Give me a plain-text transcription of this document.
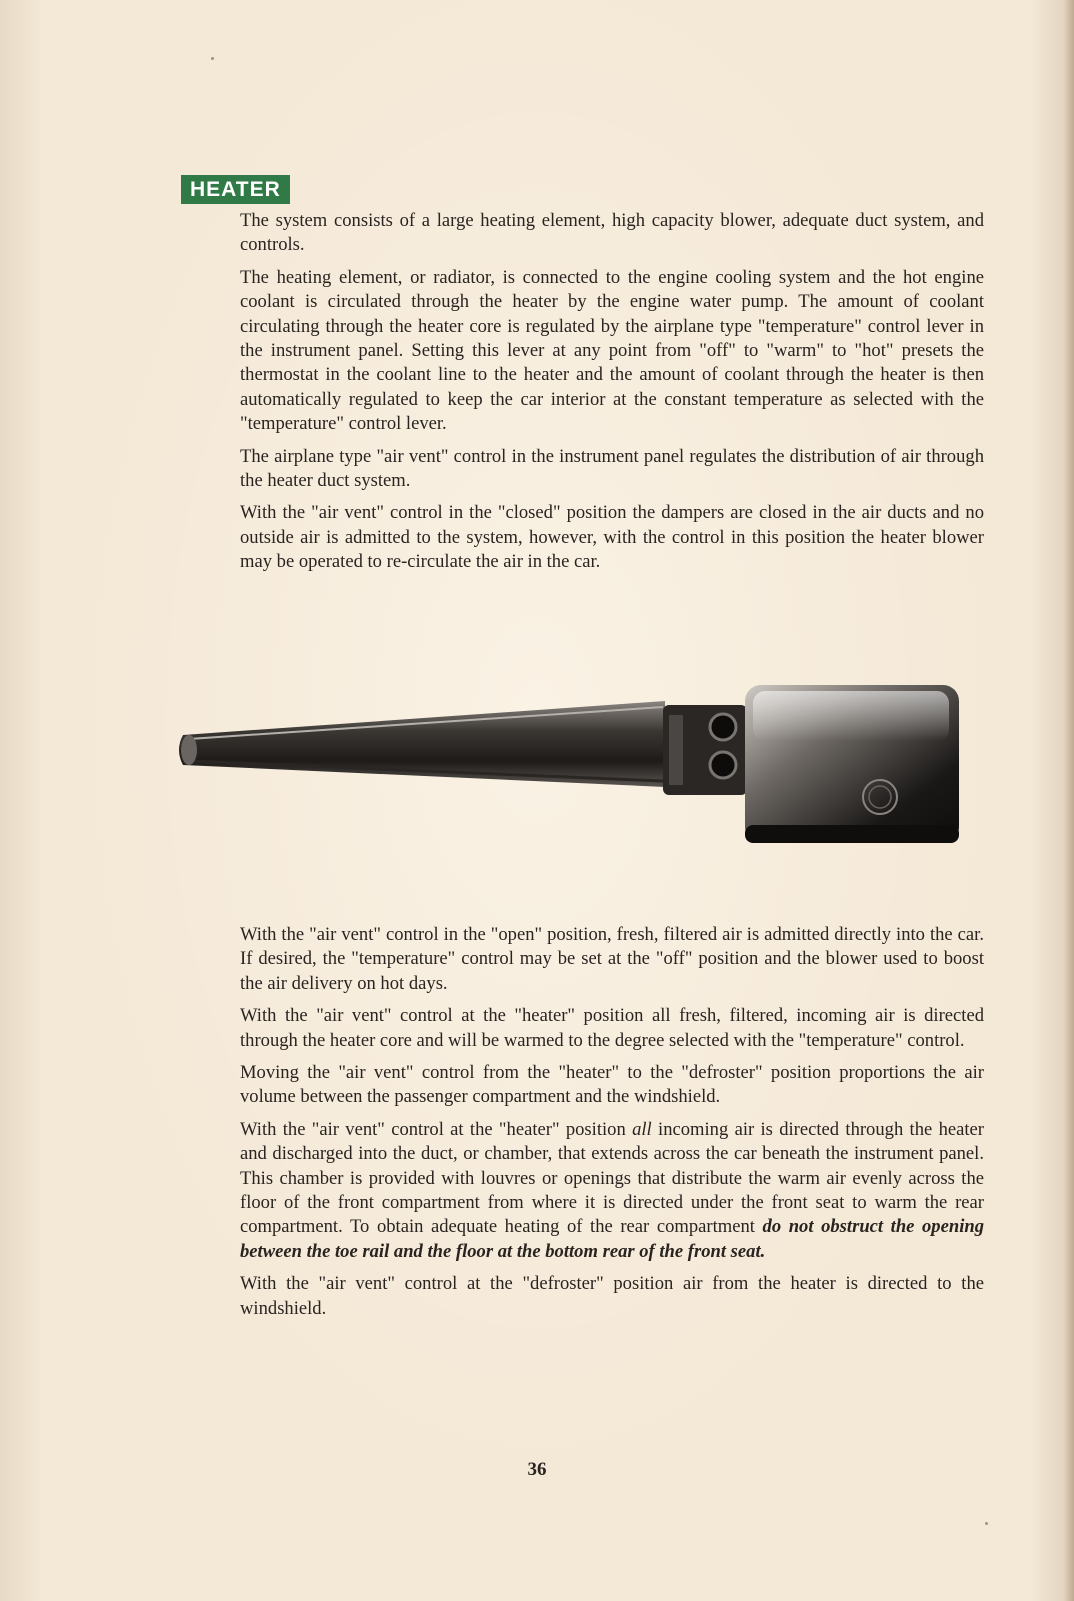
HEATER

The system consists of a large heating element, high capacity blower, adequate duct system, and controls.

The heating element, or radiator, is connected to the engine cooling system and the hot engine coolant is circulated through the heater by the engine water pump. The amount of coolant circulating through the heater core is regulated by the airplane type "temperature" control lever in the instrument panel. Setting this lever at any point from "off" to "warm" to "hot" presets the thermostat in the coolant line to the heater and the amount of coolant through the heater is then automatically regulated to keep the car interior at the constant temperature as selected with the "temperature" control lever.

The airplane type "air vent" control in the instrument panel regulates the distribution of air through the heater duct system.

With the "air vent" control in the "closed" position the dampers are closed in the air ducts and no outside air is admitted to the system, however, with the control in this position the heater blower may be operated to re-circulate the air in the car.

With the "air vent" control in the "open" position, fresh, filtered air is admitted directly into the car. If desired, the "temperature" control may be set at the "off" position and the blower used to boost the air delivery on hot days.

With the "air vent" control at the "heater" position all fresh, filtered, incoming air is directed through the heater core and will be warmed to the degree selected with the "temperature" control.

Moving the "air vent" control from the "heater" to the "defroster" position proportions the air volume between the passenger compartment and the windshield.

With the "air vent" control at the "heater" position all incoming air is directed through the heater and discharged into the duct, or chamber, that extends across the car beneath the instrument panel. This chamber is provided with louvres or openings that distribute the warm air evenly across the floor of the front compartment from where it is directed under the front seat to warm the rear compartment. To obtain adequate heating of the rear compartment do not obstruct the opening between the toe rail and the floor at the bottom rear of the front seat.

With the "air vent" control at the "defroster" position air from the heater is directed to the windshield.

36
